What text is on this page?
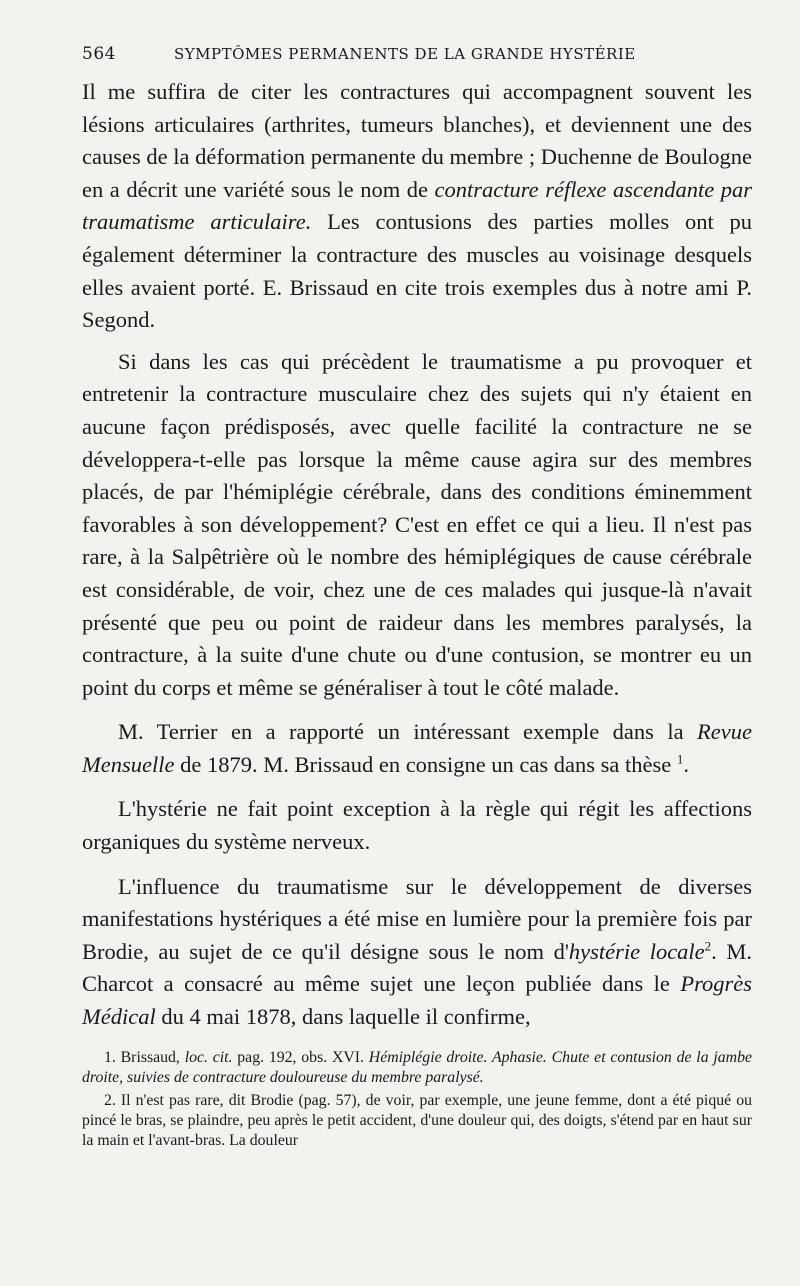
564	SYMPTÔMES PERMANENTS DE LA GRANDE HYSTÉRIE

Il me suffira de citer les contractures qui accompagnent souvent les lésions articulaires (arthrites, tumeurs blanches), et deviennent une des causes de la déformation permanente du membre ; Duchenne de Boulogne en a décrit une variété sous le nom de contracture réflexe ascendante par traumatisme articulaire. Les contusions des parties molles ont pu également déterminer la contracture des muscles au voisinage desquels elles avaient porté. E. Brissaud en cite trois exemples dus à notre ami P. Segond.

Si dans les cas qui précèdent le traumatisme a pu provoquer et entretenir la contracture musculaire chez des sujets qui n'y étaient en aucune façon prédisposés, avec quelle facilité la contracture ne se développera-t-elle pas lorsque la même cause agira sur des membres placés, de par l'hémiplégie cérébrale, dans des conditions éminemment favorables à son développement? C'est en effet ce qui a lieu. Il n'est pas rare, à la Salpêtrière où le nombre des hémiplégiques de cause cérébrale est considérable, de voir, chez une de ces malades qui jusque-là n'avait présenté que peu ou point de raideur dans les membres paralysés, la contracture, à la suite d'une chute ou d'une contusion, se montrer eu un point du corps et même se généraliser à tout le côté malade.

M. Terrier en a rapporté un intéressant exemple dans la Revue Mensuelle de 1879. M. Brissaud en consigne un cas dans sa thèse $^1$.

L'hystérie ne fait point exception à la règle qui régit les affections organiques du système nerveux.

L'influence du traumatisme sur le développement de diverses manifestations hystériques a été mise en lumière pour la première fois par Brodie, au sujet de ce qu'il désigne sous le nom d'hystérie locale$^2$. M. Charcot a consacré au même sujet une leçon publiée dans le Progrès Médical du 4 mai 1878, dans laquelle il confirme,

1. Brissaud, loc. cit. pag. 192, obs. XVI. Hémiplégie droite. Aphasie. Chute et contusion de la jambe droite, suivies de contracture douloureuse du membre paralysé.

2. Il n'est pas rare, dit Brodie (pag. 57), de voir, par exemple, une jeune femme, dont a été piqué ou pincé le bras, se plaindre, peu après le petit accident, d'une douleur qui, des doigts, s'étend par en haut sur la main et l'avant-bras. La douleur
